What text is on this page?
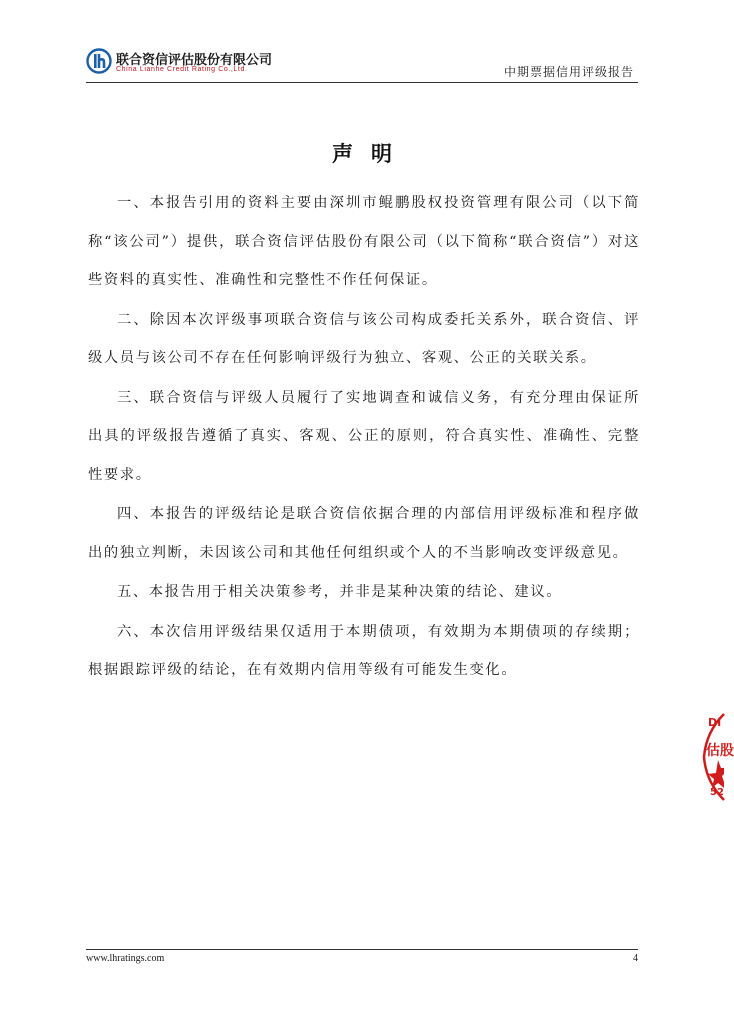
联合资信评估股份有限公司
China Lianhe Credit Rating Co.,Ltd.	中期票据信用评级报告
声明

一、本报告引用的资料主要由深圳市鲲鹏股权投资管理有限公司（以下简称“该公司”）提供，联合资信评估股份有限公司（以下简称“联合资信”）对这些资料的真实性、准确性和完整性不作任何保证。

二、除因本次评级事项联合资信与该公司构成委托关系外，联合资信、评级人员与该公司不存在任何影响评级行为独立、客观、公正的关联关系。

三、联合资信与评级人员履行了实地调查和诚信义务，有充分理由保证所出具的评级报告遵循了真实、客观、公正的原则，符合真实性、准确性、完整性要求。

四、本报告的评级结论是联合资信依据合理的内部信用评级标准和程序做出的独立判断，未因该公司和其他任何组织或个人的不当影响改变评级意见。

五、本报告用于相关决策参考，并非是某种决策的结论、建议。

六、本次信用评级结果仅适用于本期债项，有效期为本期债项的存续期；根据跟踪评级的结论，在有效期内信用等级有可能发生变化。

DI
估股
52
www.lhratings.com	4
